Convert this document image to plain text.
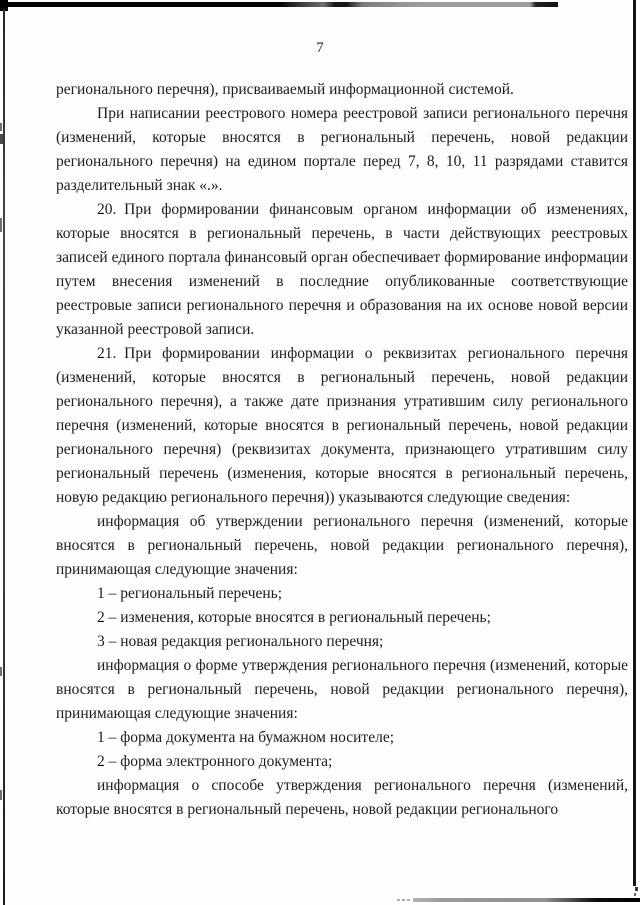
7

регионального перечня), присваиваемый информационной системой.

При написании реестрового номера реестровой записи регионального перечня (изменений, которые вносятся в региональный перечень, новой редакции регионального перечня) на едином портале перед 7, 8, 10, 11 разрядами ставится разделительный знак «.».

20. При формировании финансовым органом информации об изменениях, которые вносятся в региональный перечень, в части действующих реестровых записей единого портала финансовый орган обеспечивает формирование информации путем внесения изменений в последние опубликованные соответствующие реестровые записи регионального перечня и образования на их основе новой версии указанной реестровой записи.

21. При формировании информации о реквизитах регионального перечня (изменений, которые вносятся в региональный перечень, новой редакции регионального перечня), а также дате признания утратившим силу регионального перечня (изменений, которые вносятся в региональный перечень, новой редакции регионального перечня) (реквизитах документа, признающего утратившим силу региональный перечень (изменения, которые вносятся в региональный перечень, новую редакцию регионального перечня)) указываются следующие сведения:

информация об утверждении регионального перечня (изменений, которые вносятся в региональный перечень, новой редакции регионального перечня), принимающая следующие значения:

1 – региональный перечень;

2 – изменения, которые вносятся в региональный перечень;

3 – новая редакция регионального перечня;

информация о форме утверждения регионального перечня (изменений, которые вносятся в региональный перечень, новой редакции регионального перечня), принимающая следующие значения:

1 – форма документа на бумажном носителе;

2 – форма электронного документа;

информация о способе утверждения регионального перечня (изменений, которые вносятся в региональный перечень, новой редакции регионального
